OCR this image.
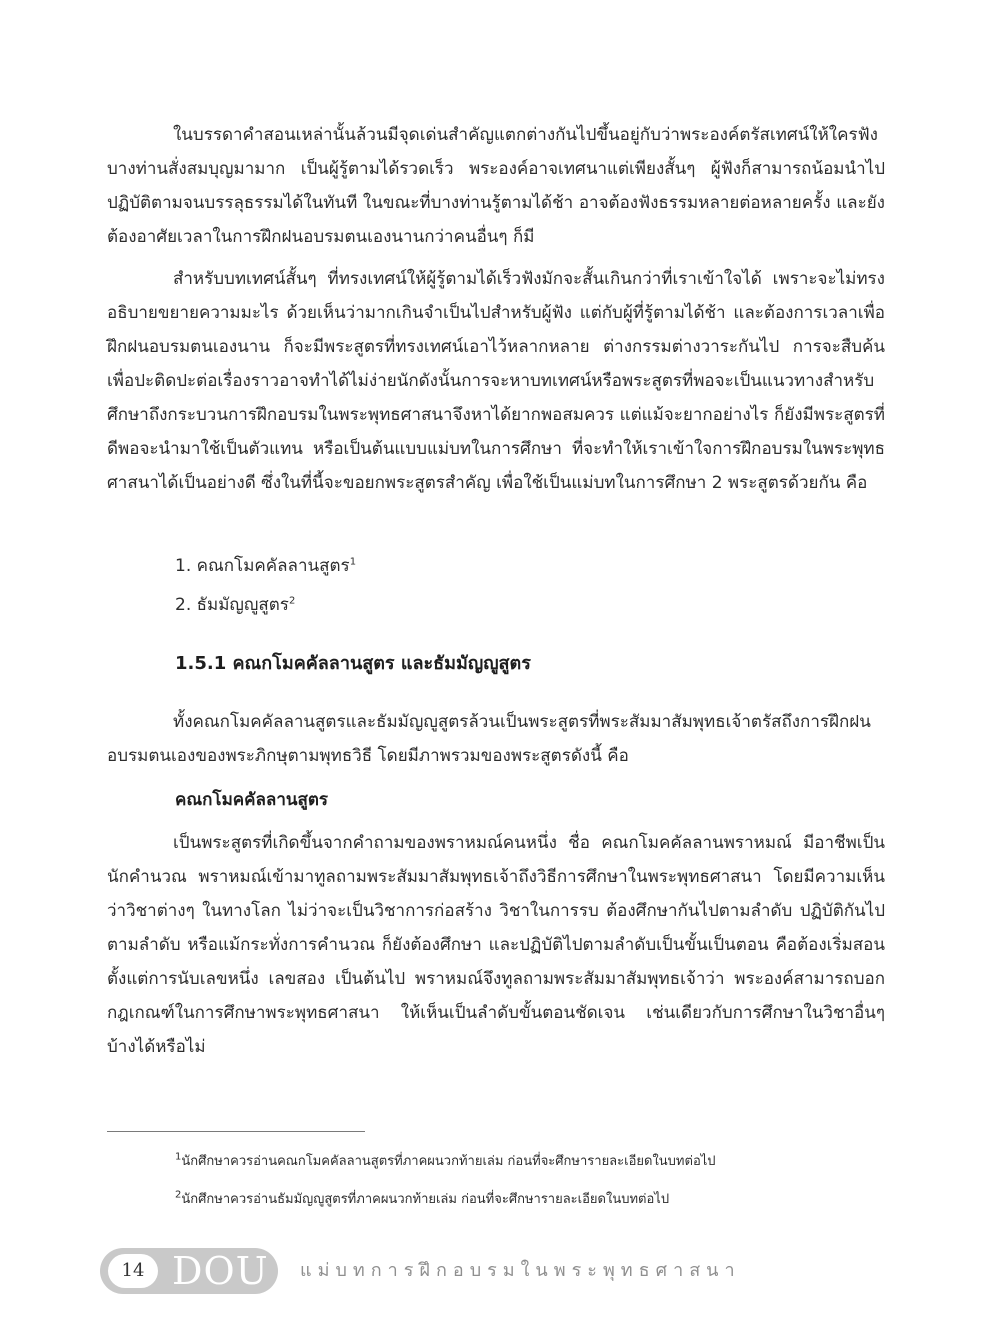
ในบรรดาคำสอนเหล่านั้นล้วนมีจุดเด่นสำคัญแตกต่างกันไปขึ้นอยู่กับว่าพระองค์ตรัสเทศน์ให้ใครฟัง บางท่านสั่งสมบุญมามาก เป็นผู้รู้ตามได้รวดเร็ว พระองค์อาจเทศนาแต่เพียงสั้นๆ ผู้ฟังก็สามารถน้อมนำไปปฏิบัติตามจนบรรลุธรรมได้ในทันที ในขณะที่บางท่านรู้ตามได้ช้า อาจต้องฟังธรรมหลายต่อหลายครั้ง และยังต้องอาศัยเวลาในการฝึกฝนอบรมตนเองนานกว่าคนอื่นๆ ก็มี

สำหรับบทเทศน์สั้นๆ ที่ทรงเทศน์ให้ผู้รู้ตามได้เร็วฟังมักจะสั้นเกินกว่าที่เราเข้าใจได้ เพราะจะไม่ทรงอธิบายขยายความมะไร ด้วยเห็นว่ามากเกินจำเป็นไปสำหรับผู้ฟัง แต่กับผู้ที่รู้ตามได้ช้า และต้องการเวลาเพื่อฝึกฝนอบรมตนเองนาน ก็จะมีพระสูตรที่ทรงเทศน์เอาไว้หลากหลาย ต่างกรรมต่างวาระกันไป การจะสืบค้นเพื่อปะติดปะต่อเรื่องราวอาจทำได้ไม่ง่ายนักดังนั้นการจะหาบทเทศน์หรือพระสูตรที่พอจะเป็นแนวทางสำหรับศึกษาถึงกระบวนการฝึกอบรมในพระพุทธศาสนาจึงหาได้ยากพอสมควร แต่แม้จะยากอย่างไร ก็ยังมีพระสูตรที่ดีพอจะนำมาใช้เป็นตัวแทน หรือเป็นต้นแบบแม่บทในการศึกษา ที่จะทำให้เราเข้าใจการฝึกอบรมในพระพุทธศาสนาได้เป็นอย่างดี ซึ่งในที่นี้จะขอยกพระสูตรสำคัญ เพื่อใช้เป็นแม่บทในการศึกษา 2 พระสูตรด้วยกัน คือ

1. คณกโมคคัลลานสูตร$^1$

2. ธัมมัญญูสูตร$^2$

1.5.1 คณกโมคคัลลานสูตร และธัมมัญญูสูตร

ทั้งคณกโมคคัลลานสูตรและธัมมัญญูสูตรล้วนเป็นพระสูตรที่พระสัมมาสัมพุทธเจ้าตรัสถึงการฝึกฝนอบรมตนเองของพระภิกษุตามพุทธวิธี โดยมีภาพรวมของพระสูตรดังนี้ คือ

คณกโมคคัลลานสูตร

เป็นพระสูตรที่เกิดขึ้นจากคำถามของพราหมณ์คนหนึ่ง ชื่อ คณกโมคคัลลานพราหมณ์ มีอาชีพเป็นนักคำนวณ พราหมณ์เข้ามาทูลถามพระสัมมาสัมพุทธเจ้าถึงวิธีการศึกษาในพระพุทธศาสนา โดยมีความเห็นว่าวิชาต่างๆ ในทางโลก ไม่ว่าจะเป็นวิชาการก่อสร้าง วิชาในการรบ ต้องศึกษากันไปตามลำดับ ปฏิบัติกันไปตามลำดับ หรือแม้กระทั่งการคำนวณ ก็ยังต้องศึกษา และปฏิบัติไปตามลำดับเป็นขั้นเป็นตอน คือต้องเริ่มสอนตั้งแต่การนับเลขหนึ่ง เลขสอง เป็นต้นไป พราหมณ์จึงทูลถามพระสัมมาสัมพุทธเจ้าว่า พระองค์สามารถบอกกฎเกณฑ์ในการศึกษาพระพุทธศาสนา ให้เห็นเป็นลำดับขั้นตอนชัดเจน เช่นเดียวกับการศึกษาในวิชาอื่นๆ บ้างได้หรือไม่

$^1$นักศึกษาควรอ่านคณกโมคคัลลานสูตรที่ภาคผนวกท้ายเล่ม ก่อนที่จะศึกษารายละเอียดในบทต่อไป

$^2$นักศึกษาควรอ่านธัมมัญญูสูตรที่ภาคผนวกท้ายเล่ม ก่อนที่จะศึกษารายละเอียดในบทต่อไป

14 DOU แม่บทการฝึกอบรมในพระพุทธศาสนา
